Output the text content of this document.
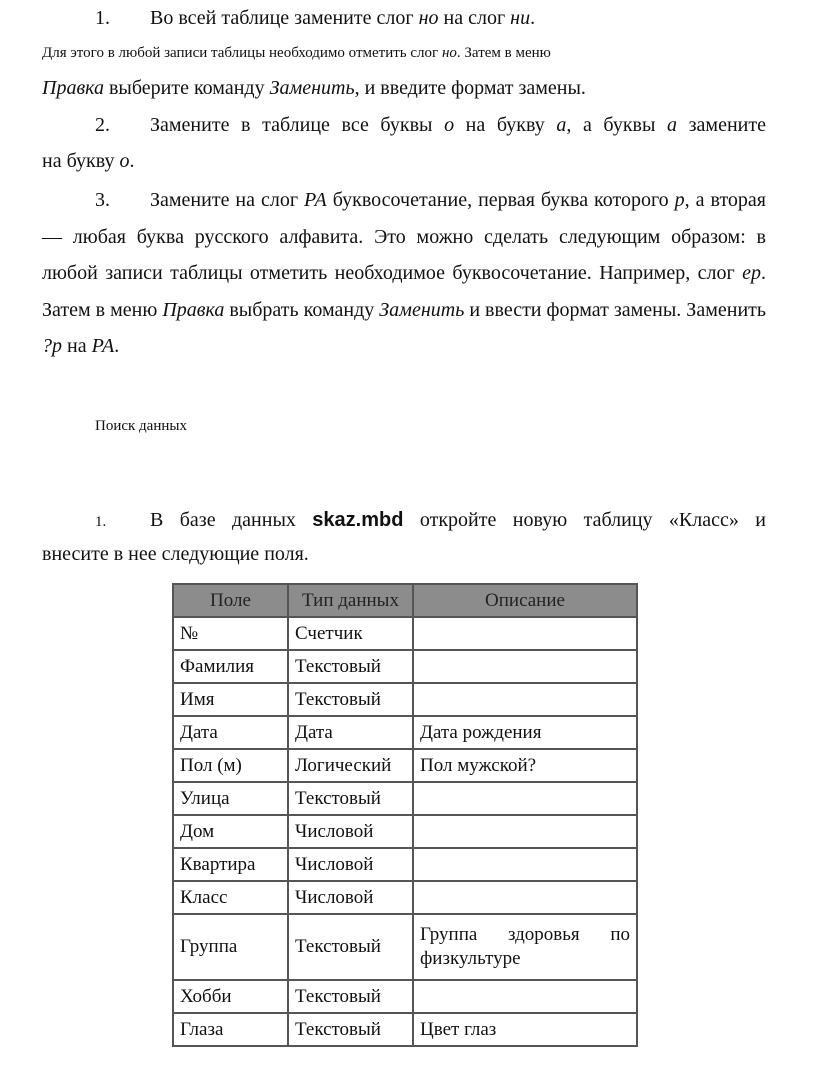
1. Во всей таблице замените слог но на слог ни.
Для этого в любой записи таблицы необходимо отметить слог но. Затем в меню
Правка выберите команду Заменить, и введите формат замены.
2. Замените в таблице все буквы о на букву а, а буквы а замените
на букву о.
3.	Замените на слог РА буквосочетание, первая буква которого р, а вторая — любая буква русского алфавита. Это можно сделать следующим образом: в любой записи таблицы отметить необходимое буквосочетание. Например, слог ер. Затем в меню Правка выбрать команду Заменить и ввести формат замены. Заменить ?р на РА.
Поиск данных
1. В базе данных skaz.mbd откройте новую таблицу «Класс» и
внесите в нее следующие поля.
Поле	Тип данных	Описание
№	Счетчик	
Фамилия	Текстовый	
Имя	Текстовый	
Дата	Дата	Дата рождения
Пол (м)	Логический	Пол мужской?
Улица	Текстовый	
Дом	Числовой	
Квартира	Числовой	
Класс	Числовой	
Группа	Текстовый	Группа здоровья по физкультуре
Хобби	Текстовый	
Глаза	Текстовый	Цвет глаз
